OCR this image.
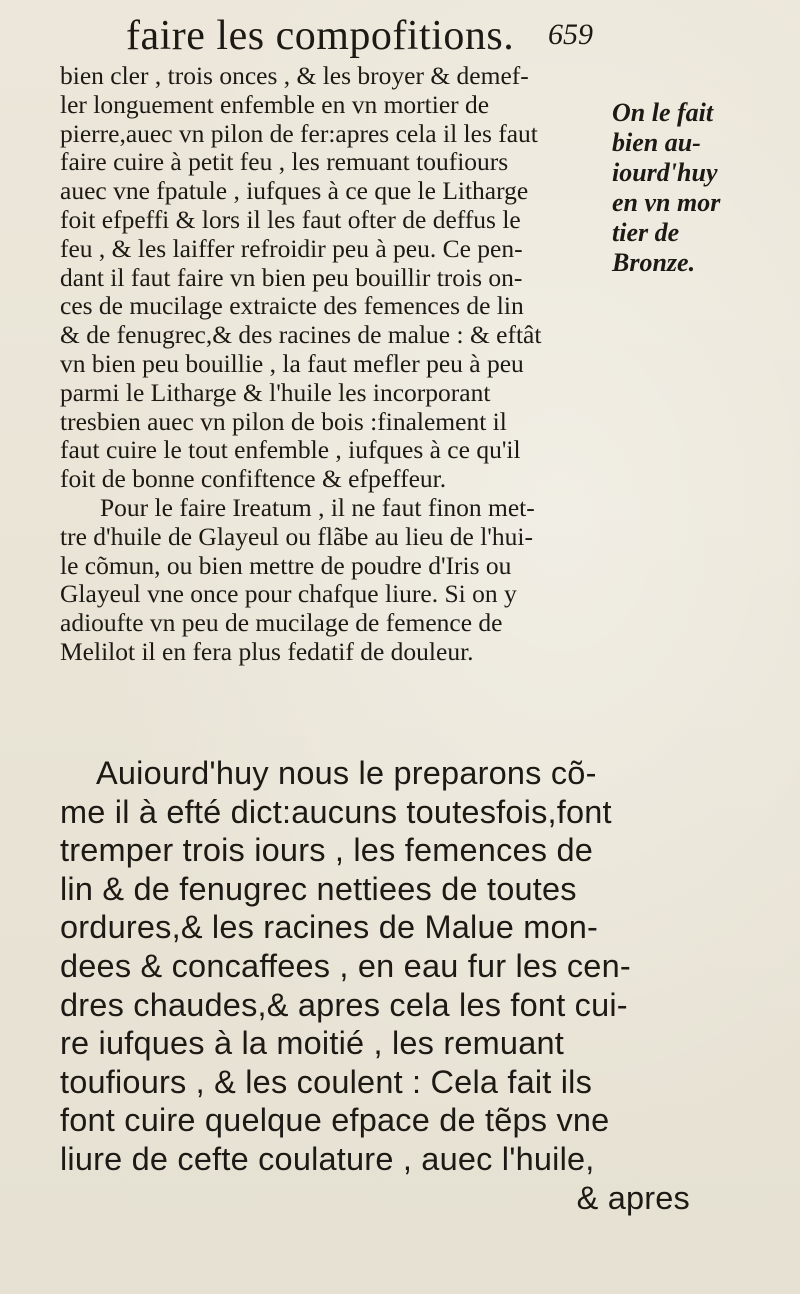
faire les compofitions. 659
bien cler , trois onces , & les broyer & demef-
ler longuement enfemble en vn mortier de
pierre,auec vn pilon de fer:apres cela il les faut
faire cuire à petit feu , les remuant toufiours
auec vne fpatule , iufques à ce que le Litharge
foit efpeffi & lors il les faut ofter de deffus le
feu , & les laiffer refroidir peu à peu. Ce pen-
dant il faut faire vn bien peu bouillir trois on-
ces de mucilage extraicte des femences de lin
& de fenugrec,& des racines de malue : & eftât
vn bien peu bouillie , la faut mefler peu à peu
parmi le Litharge & l'huile les incorporant
tresbien auec vn pilon de bois :finalement il
faut cuire le tout enfemble , iufques à ce qu'il
foit de bonne confiftence & efpeffeur.
Pour le faire Ireatum , il ne faut finon met-
tre d'huile de Glayeul ou flãbe au lieu de l'hui-
le cõmun, ou bien mettre de poudre d'Iris ou
Glayeul vne once pour chafque liure. Si on y
adioufte vn peu de mucilage de femence de
Melilot il en fera plus fedatif de douleur.
On le fait
bien au-
iourd'huy
en vn mor
tier de
Bronze.
Auiourd'huy nous le preparons cõ-
me il à efté dict:aucuns toutesfois,font
tremper trois iours , les femences de
lin & de fenugrec nettiees de toutes
ordures,& les racines de Malue mon-
dees & concaffees , en eau fur les cen-
dres chaudes,& apres cela les font cui-
re iufques à la moitié , les remuant
toufiours , & les coulent : Cela fait ils
font cuire quelque efpace de tẽps vne
liure de cefte coulature , auec l'huile,
& apres
